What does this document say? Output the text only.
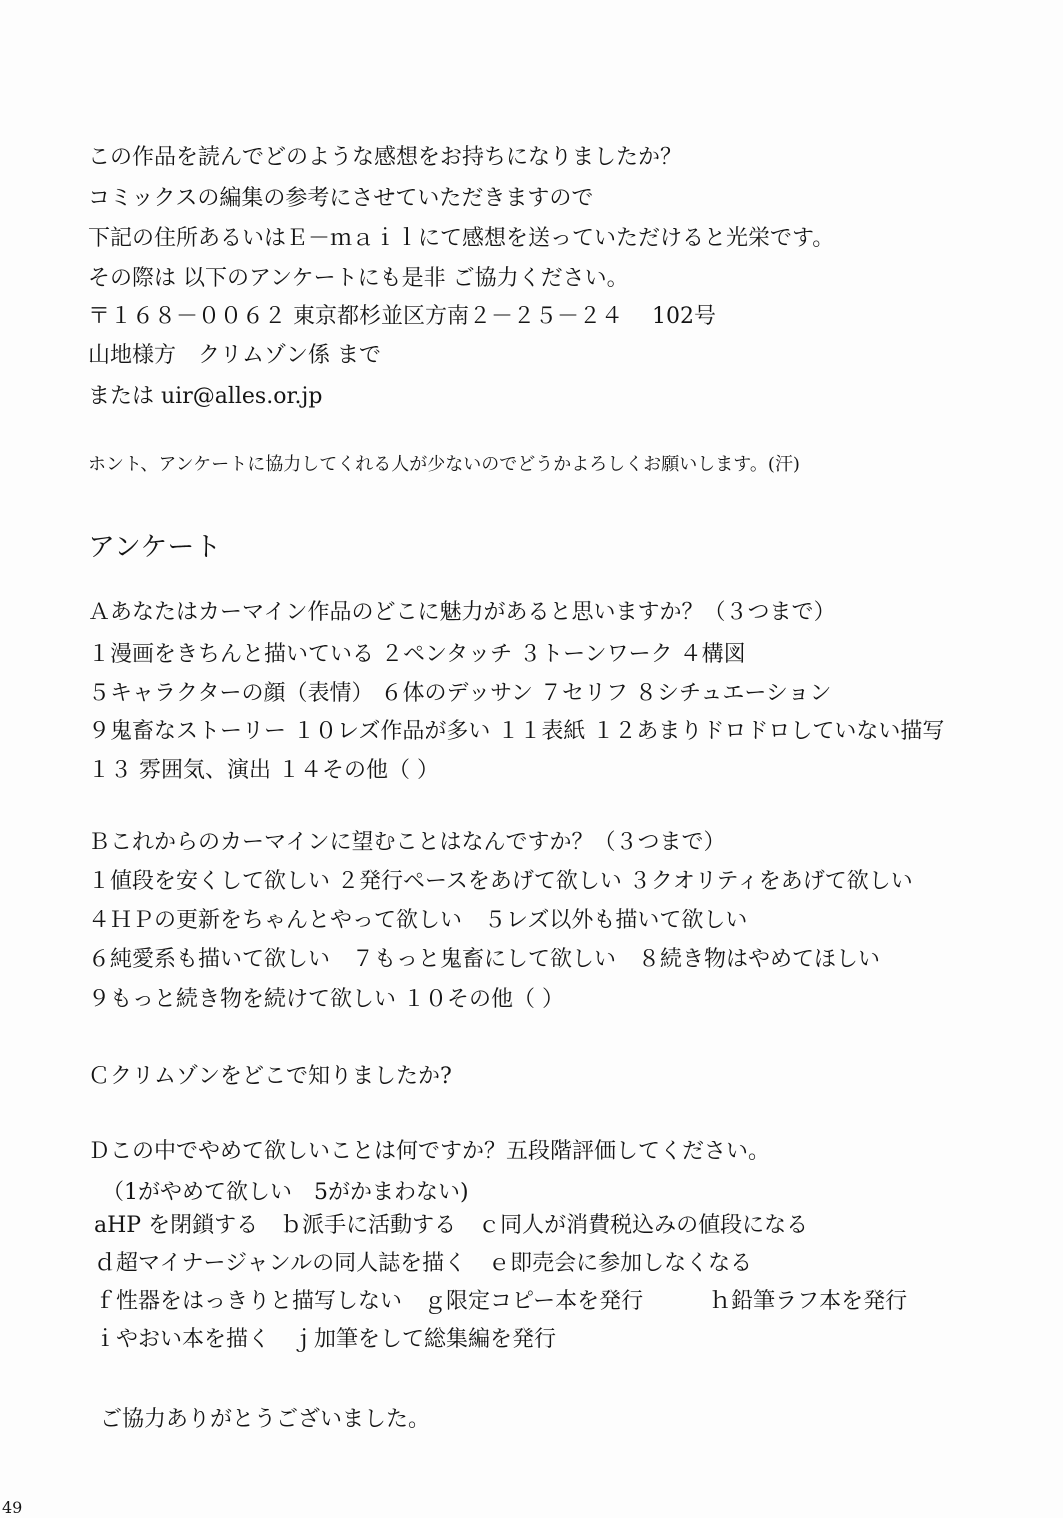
この作品を読んでどのような感想をお持ちになりましたか？
コミックスの編集の参考にさせていただきますので
下記の住所あるいはＥ－ｍａｉｌにて感想を送っていただけると光栄です。
その際は 以下のアンケートにも是非 ご協力ください。
〒１６８－００６２ 東京都杉並区方南２－２５－２４　 102号
山地様方　クリムゾン係 まで
または uir@alles.or.jp
ホント、アンケートに協力してくれる人が少ないのでどうかよろしくお願いします。(汗)
アンケート
Ａあなたはカーマイン作品のどこに魅力があると思いますか？（３つまで）
１漫画をきちんと描いている ２ペンタッチ ３トーンワーク ４構図
５キャラクターの顔（表情） ６体のデッサン ７セリフ ８シチュエーション
９鬼畜なストーリー １０レズ作品が多い １１表紙 １２あまりドロドロしていない描写
１３ 雰囲気、演出 １４その他（ ）
Ｂこれからのカーマインに望むことはなんですか？（３つまで）
１値段を安くして欲しい ２発行ペースをあげて欲しい ３クオリティをあげて欲しい
４ＨＰの更新をちゃんとやって欲しい　５レズ以外も描いて欲しい
６純愛系も描いて欲しい　７もっと鬼畜にして欲しい　８続き物はやめてほしい
９もっと続き物を続けて欲しい １０その他（ ）
Ｃクリムゾンをどこで知りましたか?
Ｄこの中でやめて欲しいことは何ですか？五段階評価してください。
（1がやめて欲しい　5がかまわない)
aHP を閉鎖する　ｂ派手に活動する　ｃ同人が消費税込みの値段になる
ｄ超マイナージャンルの同人誌を描く　ｅ即売会に参加しなくなる
ｆ性器をはっきりと描写しない　ｇ限定コピー本を発行　　　ｈ鉛筆ラフ本を発行
ｉやおい本を描く　ｊ加筆をして総集編を発行
ご協力ありがとうございました。
49
